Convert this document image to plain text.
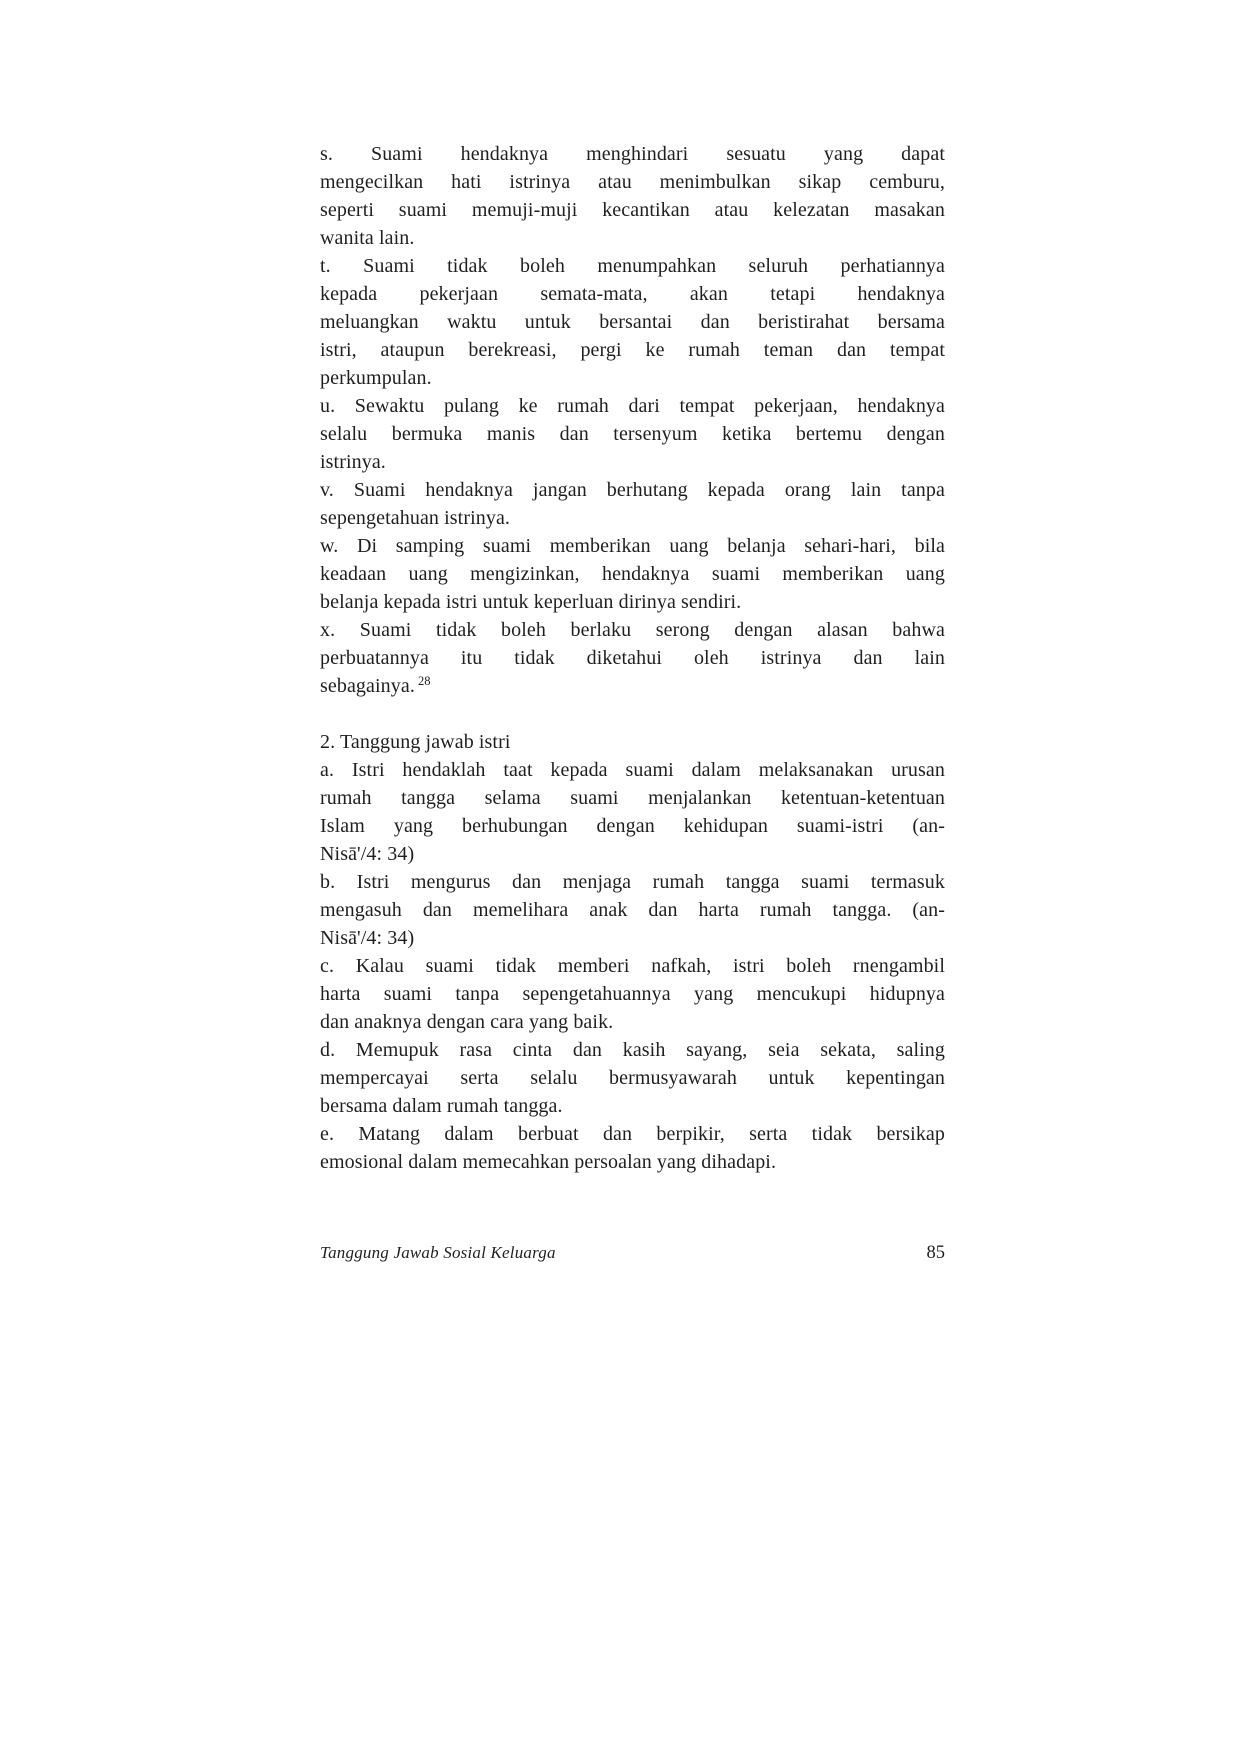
s. Suami hendaknya menghindari sesuatu yang dapat
mengecilkan hati istrinya atau menimbulkan sikap cemburu,
seperti suami memuji-muji kecantikan atau kelezatan masakan
wanita lain.
t. Suami tidak boleh menumpahkan seluruh perhatiannya
kepada pekerjaan semata-mata, akan tetapi hendaknya
meluangkan waktu untuk bersantai dan beristirahat bersama
istri, ataupun berekreasi, pergi ke rumah teman dan tempat
perkumpulan.
u. Sewaktu pulang ke rumah dari tempat pekerjaan, hendaknya
selalu bermuka manis dan tersenyum ketika bertemu dengan
istrinya.
v. Suami hendaknya jangan berhutang kepada orang lain tanpa
sepengetahuan istrinya.
w. Di samping suami memberikan uang belanja sehari-hari, bila
keadaan uang mengizinkan, hendaknya suami memberikan uang
belanja kepada istri untuk keperluan dirinya sendiri.
x. Suami tidak boleh berlaku serong dengan alasan bahwa
perbuatannya itu tidak diketahui oleh istrinya dan lain
sebagainya. $^{28}$
2. Tanggung jawab istri
a. Istri hendaklah taat kepada suami dalam melaksanakan urusan
rumah tangga selama suami menjalankan ketentuan-ketentuan
Islam yang berhubungan dengan kehidupan suami-istri (an-
Nisā'/4: 34)
b. Istri mengurus dan menjaga rumah tangga suami termasuk
mengasuh dan memelihara anak dan harta rumah tangga. (an-
Nisā'/4: 34)
c. Kalau suami tidak memberi nafkah, istri boleh rnengambil
harta suami tanpa sepengetahuannya yang mencukupi hidupnya
dan anaknya dengan cara yang baik.
d. Memupuk rasa cinta dan kasih sayang, seia sekata, saling
mempercayai serta selalu bermusyawarah untuk kepentingan
bersama dalam rumah tangga.
e. Matang dalam berbuat dan berpikir, serta tidak bersikap
emosional dalam memecahkan persoalan yang dihadapi.
Tanggung Jawab Sosial Keluarga	85
